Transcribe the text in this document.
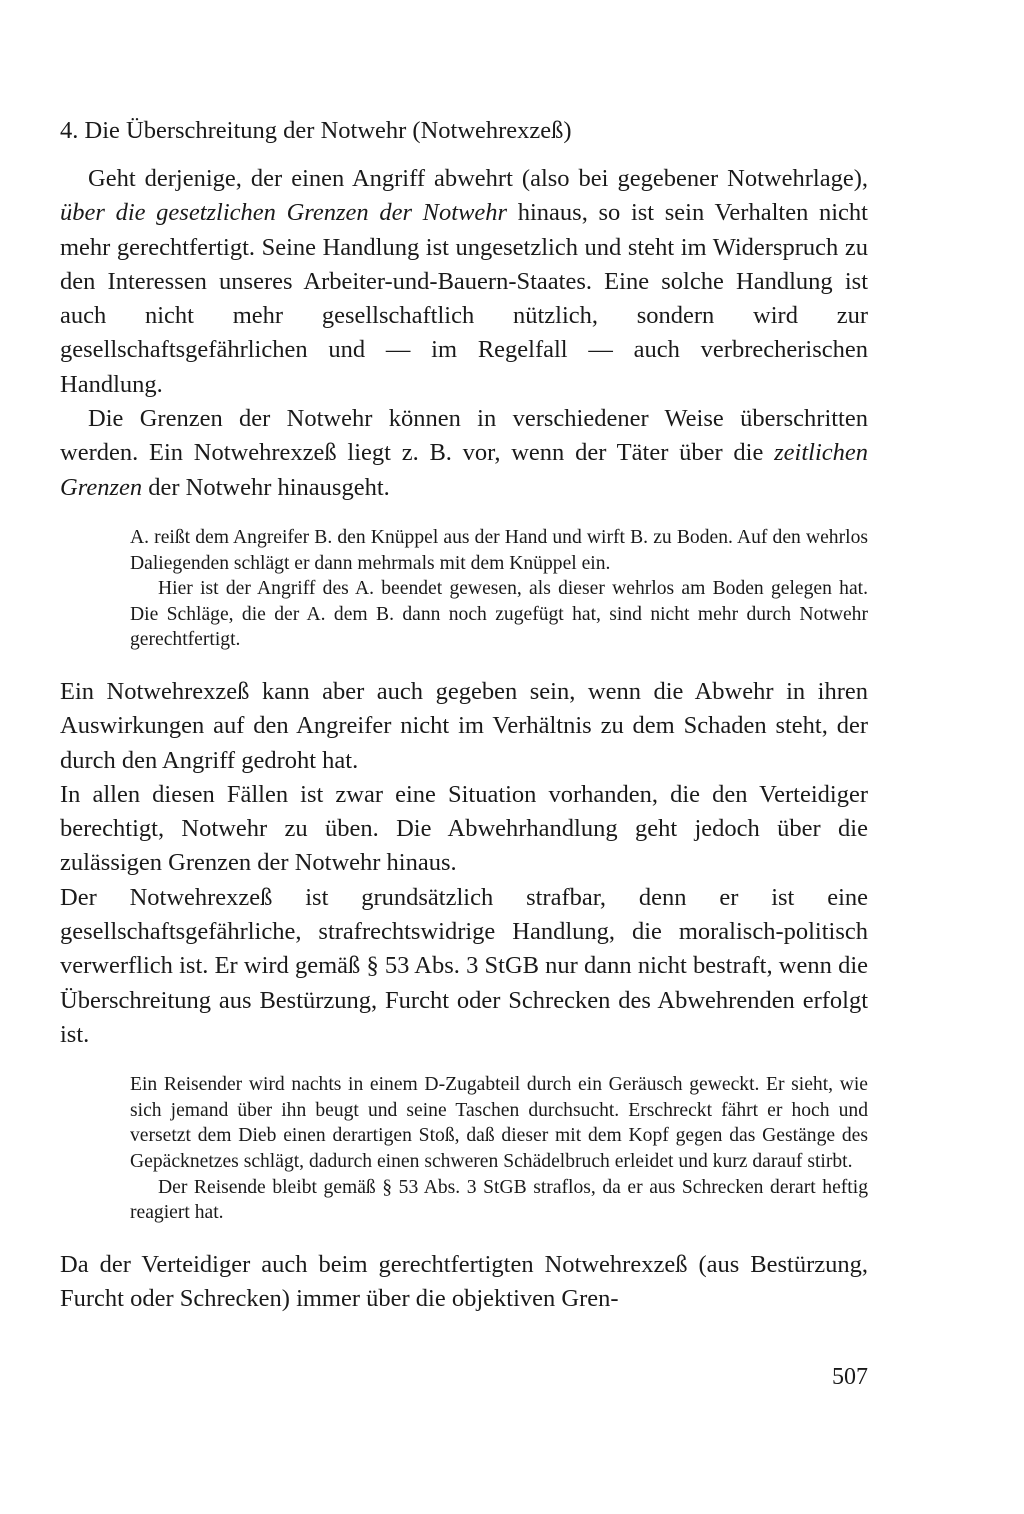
4. Die Überschreitung der Notwehr (Notwehrexzeß)

Geht derjenige, der einen Angriff abwehrt (also bei gegebener Notwehrlage), über die gesetzlichen Grenzen der Notwehr hinaus, so ist sein Verhalten nicht mehr gerechtfertigt. Seine Handlung ist ungesetzlich und steht im Widerspruch zu den Interessen unseres Arbeiter-und-Bauern-Staates. Eine solche Handlung ist auch nicht mehr gesellschaftlich nützlich, sondern wird zur gesellschaftsgefährlichen und — im Regelfall — auch verbrecherischen Handlung.

Die Grenzen der Notwehr können in verschiedener Weise überschritten werden. Ein Notwehrexzeß liegt z. B. vor, wenn der Täter über die zeitlichen Grenzen der Notwehr hinausgeht.

A. reißt dem Angreifer B. den Knüppel aus der Hand und wirft B. zu Boden. Auf den wehrlos Daliegenden schlägt er dann mehrmals mit dem Knüppel ein.

Hier ist der Angriff des A. beendet gewesen, als dieser wehrlos am Boden gelegen hat. Die Schläge, die der A. dem B. dann noch zugefügt hat, sind nicht mehr durch Notwehr gerechtfertigt.

Ein Notwehrexzeß kann aber auch gegeben sein, wenn die Abwehr in ihren Auswirkungen auf den Angreifer nicht im Verhältnis zu dem Schaden steht, der durch den Angriff gedroht hat.

In allen diesen Fällen ist zwar eine Situation vorhanden, die den Verteidiger berechtigt, Notwehr zu üben. Die Abwehrhandlung geht jedoch über die zulässigen Grenzen der Notwehr hinaus.

Der Notwehrexzeß ist grundsätzlich strafbar, denn er ist eine gesellschaftsgefährliche, strafrechtswidrige Handlung, die moralisch-politisch verwerflich ist. Er wird gemäß § 53 Abs. 3 StGB nur dann nicht bestraft, wenn die Überschreitung aus Bestürzung, Furcht oder Schrecken des Abwehrenden erfolgt ist.

Ein Reisender wird nachts in einem D-Zugabteil durch ein Geräusch geweckt. Er sieht, wie sich jemand über ihn beugt und seine Taschen durchsucht. Erschreckt fährt er hoch und versetzt dem Dieb einen derartigen Stoß, daß dieser mit dem Kopf gegen das Gestänge des Gepäcknetzes schlägt, dadurch einen schweren Schädelbruch erleidet und kurz darauf stirbt.

Der Reisende bleibt gemäß § 53 Abs. 3 StGB straflos, da er aus Schrecken derart heftig reagiert hat.

Da der Verteidiger auch beim gerechtfertigten Notwehrexzeß (aus Bestürzung, Furcht oder Schrecken) immer über die objektiven Gren-

507
